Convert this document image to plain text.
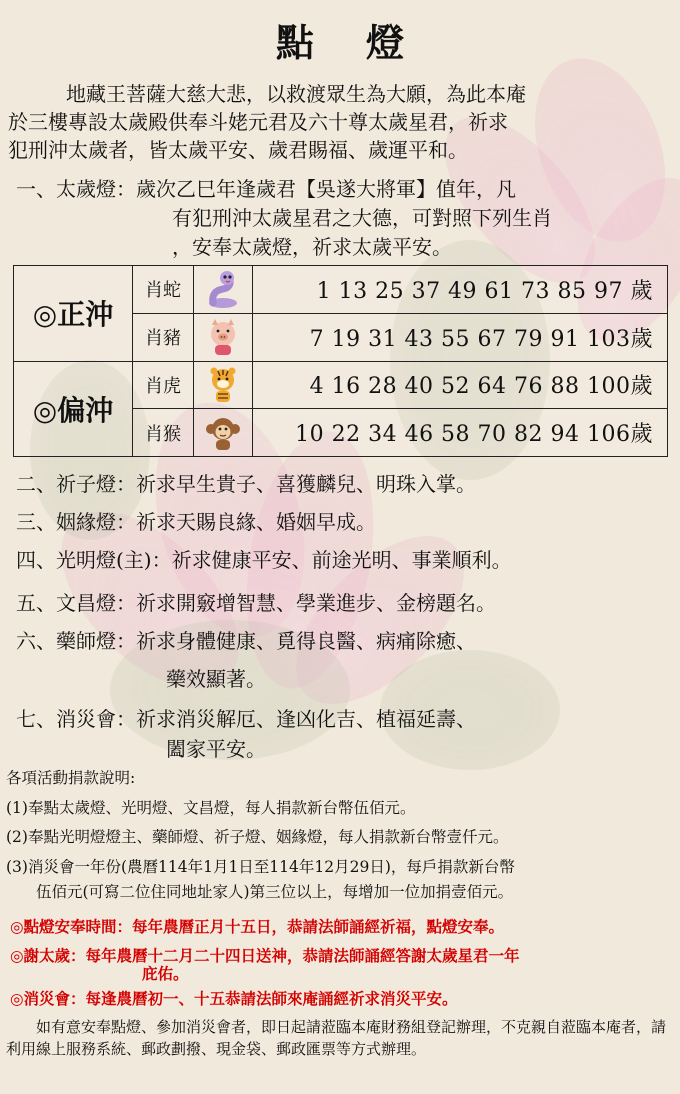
點燈

地藏王菩薩大慈大悲，以救渡眾生為大願，為此本庵

於三樓專設太歲殿供奉斗姥元君及六十尊太歲星君，祈求

犯刑沖太歲者，皆太歲平安、歲君賜福、歲運平和。

一、太歲燈：歲次乙巳年逢歲君【吳遂大將軍】值年，凡
有犯刑沖太歲星君之大德，可對照下列生肖
，安奉太歲燈，祈求太歲平安。
◎正沖	肖蛇		1 13 25 37 49 61 73 85 97 歲
	肖豬		7 19 31 43 55 67 79 91 103歲
◎偏沖	肖虎		4 16 28 40 52 64 76 88 100歲
	肖猴		10 22 34 46 58 70 82 94 106歲
二、祈子燈：祈求早生貴子、喜獲麟兒、明珠入掌。
三、姻緣燈：祈求天賜良緣、婚姻早成。
四、光明燈(主)：祈求健康平安、前途光明、事業順利。
五、文昌燈：祈求開竅增智慧、學業進步、金榜題名。
六、藥師燈：祈求身體健康、覓得良醫、病痛除癒、
藥效顯著。
七、消災會：祈求消災解厄、逢凶化吉、植福延壽、
闔家平安。
各項活動捐款說明:
(1)奉點太歲燈、光明燈、文昌燈，每人捐款新台幣伍佰元。
(2)奉點光明燈燈主、藥師燈、祈子燈、姻緣燈，每人捐款新台幣壹仟元。
(3)消災會一年份(農曆114年1月1日至114年12月29日)，每戶捐款新台幣
伍佰元(可寫二位住同地址家人)第三位以上，每增加一位加捐壹佰元。
◎點燈安奉時間：每年農曆正月十五日，恭請法師誦經祈福，點燈安奉。
◎謝太歲：每年農曆十二月二十四日送神，恭請法師誦經答謝太歲星君一年
庇佑。
◎消災會：每逢農曆初一、十五恭請法師來庵誦經祈求消災平安。

如有意安奉點燈、參加消災會者，即日起請蒞臨本庵財務組登記辦理，不克親自蒞臨本庵者，請利用線上服務系統、郵政劃撥、現金袋、郵政匯票等方式辦理。
